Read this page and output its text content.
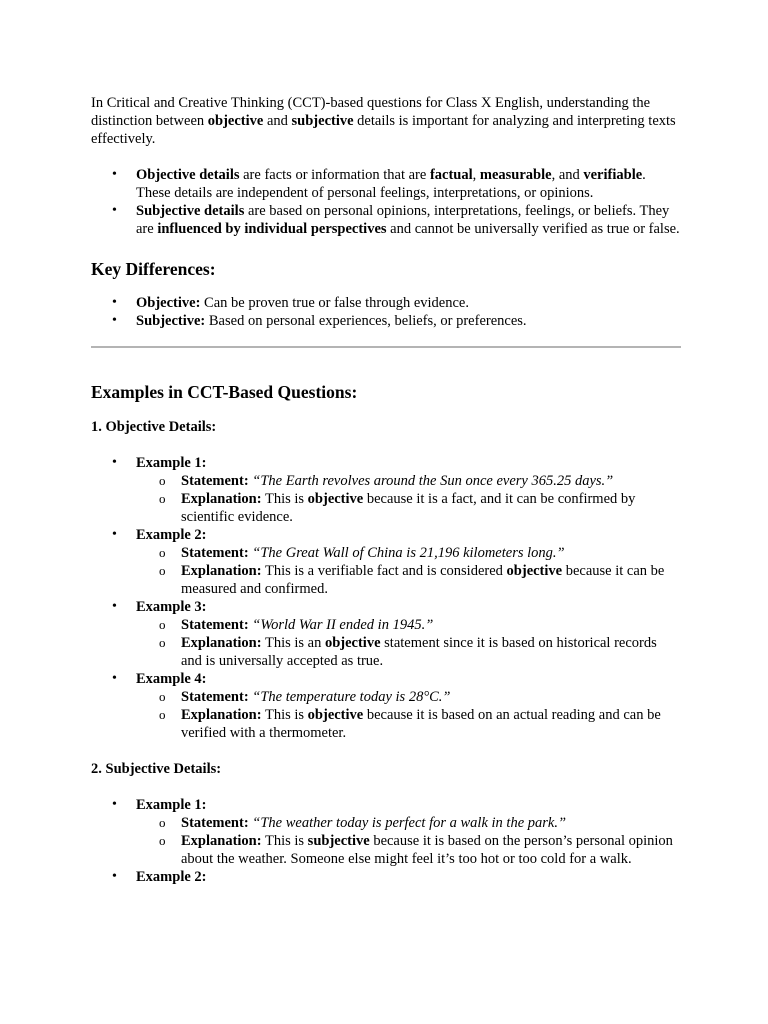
In Critical and Creative Thinking (CCT)-based questions for Class X English, understanding the distinction between objective and subjective details is important for analyzing and interpreting texts effectively.

• Objective details are facts or information that are factual, measurable, and verifiable. These details are independent of personal feelings, interpretations, or opinions.
• Subjective details are based on personal opinions, interpretations, feelings, or beliefs. They are influenced by individual perspectives and cannot be universally verified as true or false.
Key Differences:
• Objective: Can be proven true or false through evidence.
• Subjective: Based on personal experiences, beliefs, or preferences.
Examples in CCT-Based Questions:
1. Objective Details:
• Example 1:
o Statement: “The Earth revolves around the Sun once every 365.25 days.”
o Explanation: This is objective because it is a fact, and it can be confirmed by scientific evidence.
• Example 2:
o Statement: “The Great Wall of China is 21,196 kilometers long.”
o Explanation: This is a verifiable fact and is considered objective because it can be measured and confirmed.
• Example 3:
o Statement: “World War II ended in 1945.”
o Explanation: This is an objective statement since it is based on historical records and is universally accepted as true.
• Example 4:
o Statement: “The temperature today is 28°C.”
o Explanation: This is objective because it is based on an actual reading and can be verified with a thermometer.
2. Subjective Details:
• Example 1:
o Statement: “The weather today is perfect for a walk in the park.”
o Explanation: This is subjective because it is based on the person’s personal opinion about the weather. Someone else might feel it’s too hot or too cold for a walk.
• Example 2:
